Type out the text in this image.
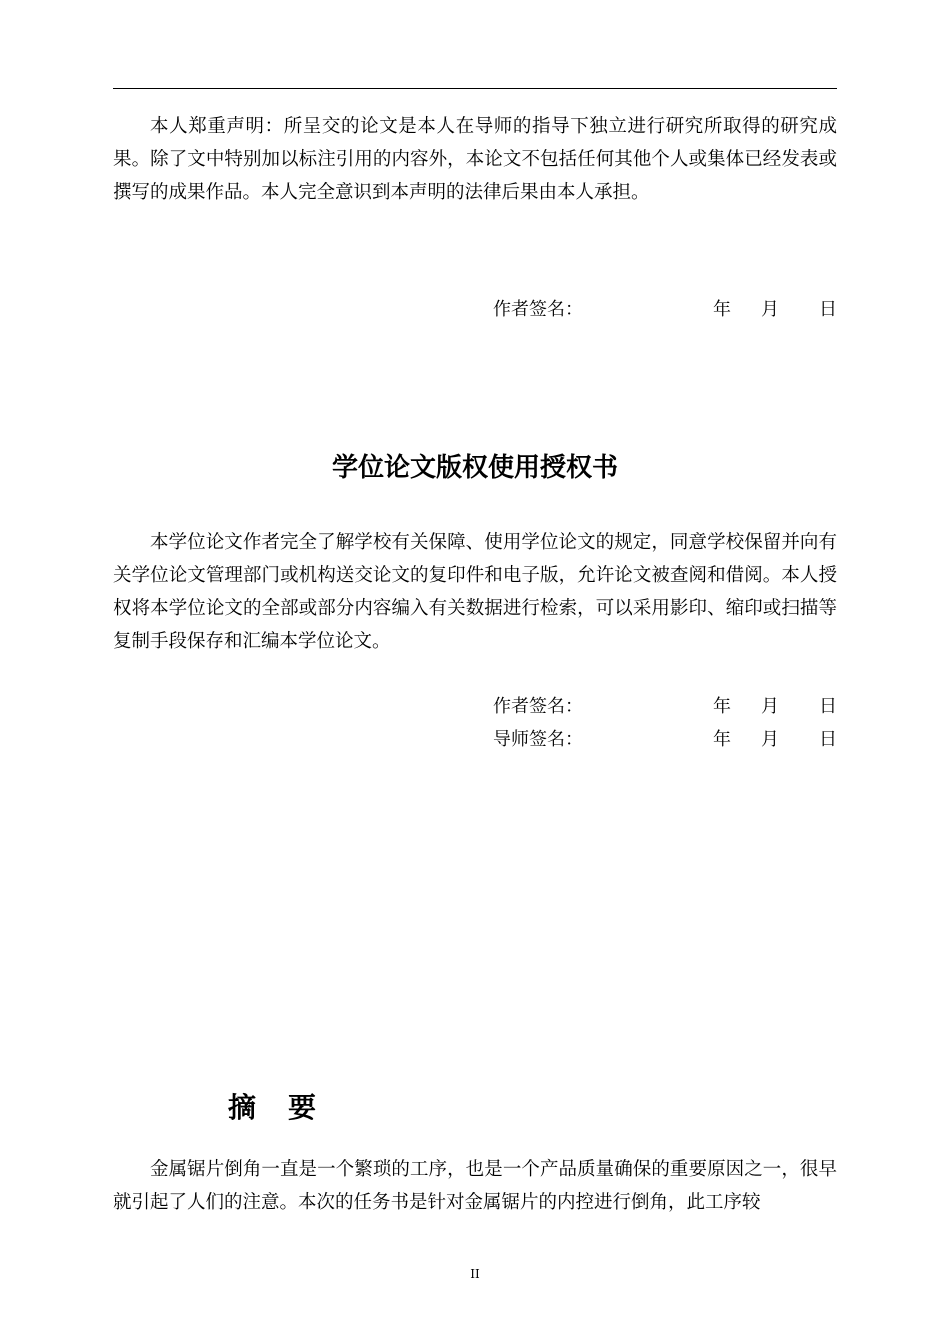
本人郑重声明：所呈交的论文是本人在导师的指导下独立进行研究所取得的研究成果。除了文中特别加以标注引用的内容外，本论文不包括任何其他个人或集体已经发表或撰写的成果作品。本人完全意识到本声明的法律后果由本人承担。

作者签名：	年 月 日
学位论文版权使用授权书

本学位论文作者完全了解学校有关保障、使用学位论文的规定，同意学校保留并向有关学位论文管理部门或机构送交论文的复印件和电子版，允许论文被查阅和借阅。本人授权将本学位论文的全部或部分内容编入有关数据进行检索，可以采用影印、缩印或扫描等复制手段保存和汇编本学位论文。

作者签名：	年 月 日
导师签名：	年 月 日
摘　要

金属锯片倒角一直是一个繁琐的工序，也是一个产品质量确保的重要原因之一，很早就引起了人们的注意。本次的任务书是针对金属锯片的内控进行倒角，此工序较

II
